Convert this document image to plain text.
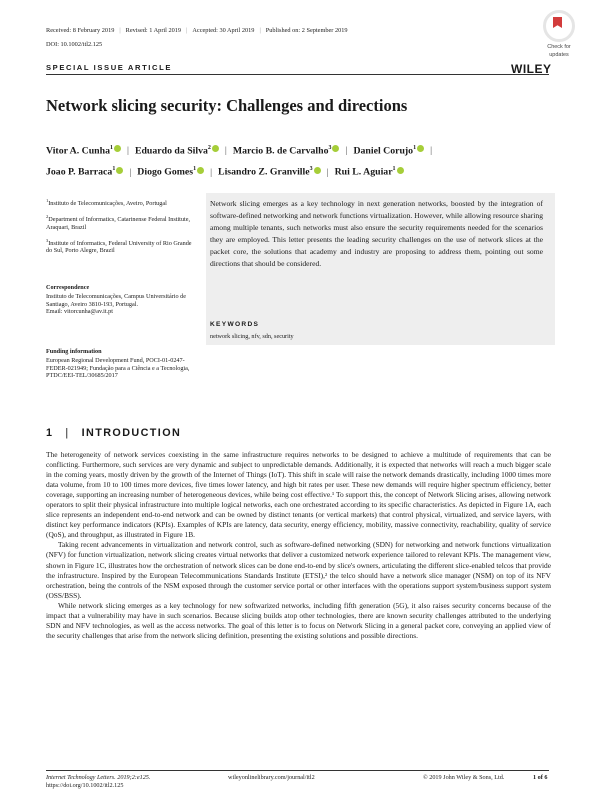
Received: 8 February 2019 | Revised: 1 April 2019 | Accepted: 30 April 2019 | Published on: 2 September 2019
DOI: 10.1002/itl2.125	Check for
updates
SPECIAL ISSUE ARTICLE	WILEY
Network slicing security: Challenges and directions
Vitor A. Cunha$^1$ | Eduardo da Silva$^2$ | Marcio B. de Carvalho$^3$ | Daniel Corujo$^1$ |
Joao P. Barraca$^1$ | Diogo Gomes$^1$ | Lisandro Z. Granville$^3$ | Rui L. Aguiar$^1$
$^1$Instituto de Telecomunicações, Aveiro, Portugal
$^2$Department of Informatics, Catarinense Federal Institute, Araquari, Brazil
$^3$Institute of Informatics, Federal University of Rio Grande do Sul, Porto Alegre, Brazil
Correspondence
Instituto de Telecomunicações, Campus Universitário de Santiago, Aveiro 3810-193, Portugal.
Email: vitorcunha@av.it.pt
Funding information
European Regional Development Fund, POCI-01-0247-FEDER-021949; Fundação para a Ciência e a Tecnologia, PTDC/EEI-TEL/30685/2017
Network slicing emerges as a key technology in next generation networks, boosted by the integration of software-defined networking and network functions virtualization. However, while allowing resource sharing among multiple tenants, such networks must also ensure the security requirements needed for the scenarios they are employed. This letter presents the leading security challenges on the use of network slices at the packet core, the solutions that academy and industry are proposing to address them, pointing out some directions that should be considered.
KEYWORDS
network slicing, nfv, sdn, security
1 | INTRODUCTION

The heterogeneity of network services coexisting in the same infrastructure requires networks to be designed to achieve a multitude of requirements that can be conflicting. Furthermore, such services are very dynamic and subject to unpredictable demands. Additionally, it is expected that networks will reach a much bigger scale in the coming years, mostly driven by the growth of the Internet of Things (IoT). This shift in scale will raise the network demands drastically, including 1000 times more data volume, from 10 to 100 times more devices, five times lower latency, and high bit rates per user. These new demands will require higher spectrum efficiency, better coverage, supporting an increasing number of heterogeneous devices, while being cost effective.¹ To support this, the concept of Network Slicing arises, allowing network operators to split their physical infrastructure into multiple logical networks, each one orchestrated according to its specific characteristics. As depicted in Figure 1A, each slice represents an independent end-to-end network and can be owned by distinct tenants (or vertical markets) that control physical, virtualized, and service layers, with distinct key performance indicators (KPIs). Examples of KPIs are latency, data security, energy efficiency, mobility, massive connectivity, reachability, quality of service (QoS), and throughput, as illustrated in Figure 1B.

Taking recent advancements in virtualization and network control, such as software-defined networking (SDN) for networking and network functions virtualization (NFV) for function virtualization, network slicing creates virtual networks that deliver a customized network experience tailored to relevant KPIs. The management view, shown in Figure 1C, illustrates how the orchestration of network slices can be done end-to-end by slice's owners, articulating the different slice-enabled telcos that provide the infrastructure. Inspired by the European Telecommunications Standards Institute (ETSI),² the telco should have a network slice manager (NSM) on top of its NFV orchestration, being the controls of the NSM exposed through the customer service portal or other interfaces with the operations support system/business support system (OSS/BSS).

While network slicing emerges as a key technology for new softwarized networks, including fifth generation (5G), it also raises security concerns because of the impact that a vulnerability may have in such scenarios. Because slicing builds atop other technologies, there are known security challenges attributed to the underlying SDN and NFV technologies, as well as the access networks. The goal of this letter is to focus on Network Slicing in a general packet core, conveying an applied view of the security challenges that arise from the network slicing definition, presenting the existing solutions and possible directions.

Internet Technology Letters. 2019;2:e125.
https://doi.org/10.1002/itl2.125
wileyonlinelibrary.com/journal/itl2	© 2019 John Wiley & Sons, Ltd.	1 of 6
